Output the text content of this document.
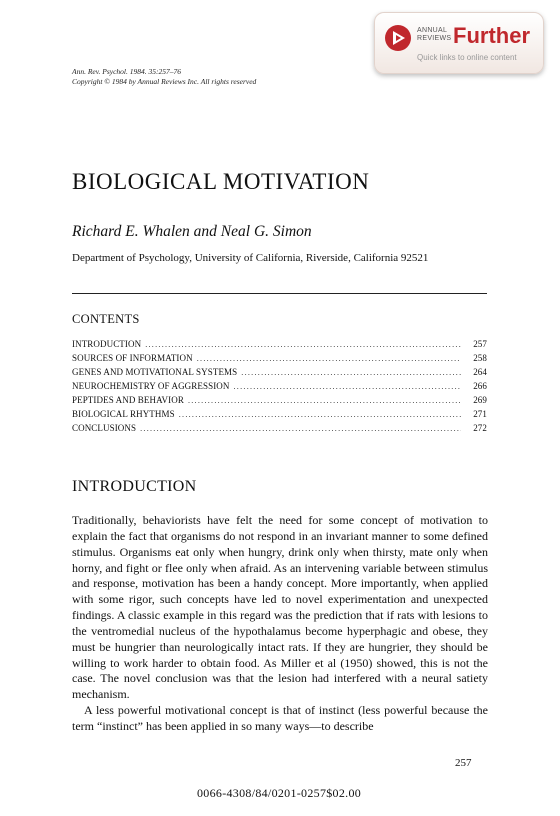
ANNUAL
REVIEWS Further
Quick links to online content
Ann. Rev. Psychol. 1984. 35:257–76
Copyright © 1984 by Annual Reviews Inc. All rights reserved
BIOLOGICAL MOTIVATION
Richard E. Whalen and Neal G. Simon
Department of Psychology, University of California, Riverside, California 92521
CONTENTS
INTRODUCTION .....	257
SOURCES OF INFORMATION .....	258
GENES AND MOTIVATIONAL SYSTEMS .....	264
NEUROCHEMISTRY OF AGGRESSION .....	266
PEPTIDES AND BEHAVIOR .....	269
BIOLOGICAL RHYTHMS .....	271
CONCLUSIONS .....	272
INTRODUCTION

Traditionally, behaviorists have felt the need for some concept of motivation to explain the fact that organisms do not respond in an invariant manner to some defined stimulus. Organisms eat only when hungry, drink only when thirsty, mate only when horny, and fight or flee only when afraid. As an intervening variable between stimulus and response, motivation has been a handy concept. More importantly, when applied with some rigor, such concepts have led to novel experimentation and unexpected findings. A classic example in this regard was the prediction that if rats with lesions to the ventromedial nucleus of the hypothalamus become hyperphagic and obese, they must be hungrier than neurologically intact rats. If they are hungrier, they should be willing to work harder to obtain food. As Miller et al (1950) showed, this is not the case. The novel conclusion was that the lesion had interfered with a neural satiety mechanism.

A less powerful motivational concept is that of instinct (less powerful because the term “instinct” has been applied in so many ways—to describe

257
0066-4308/84/0201-0257$02.00
